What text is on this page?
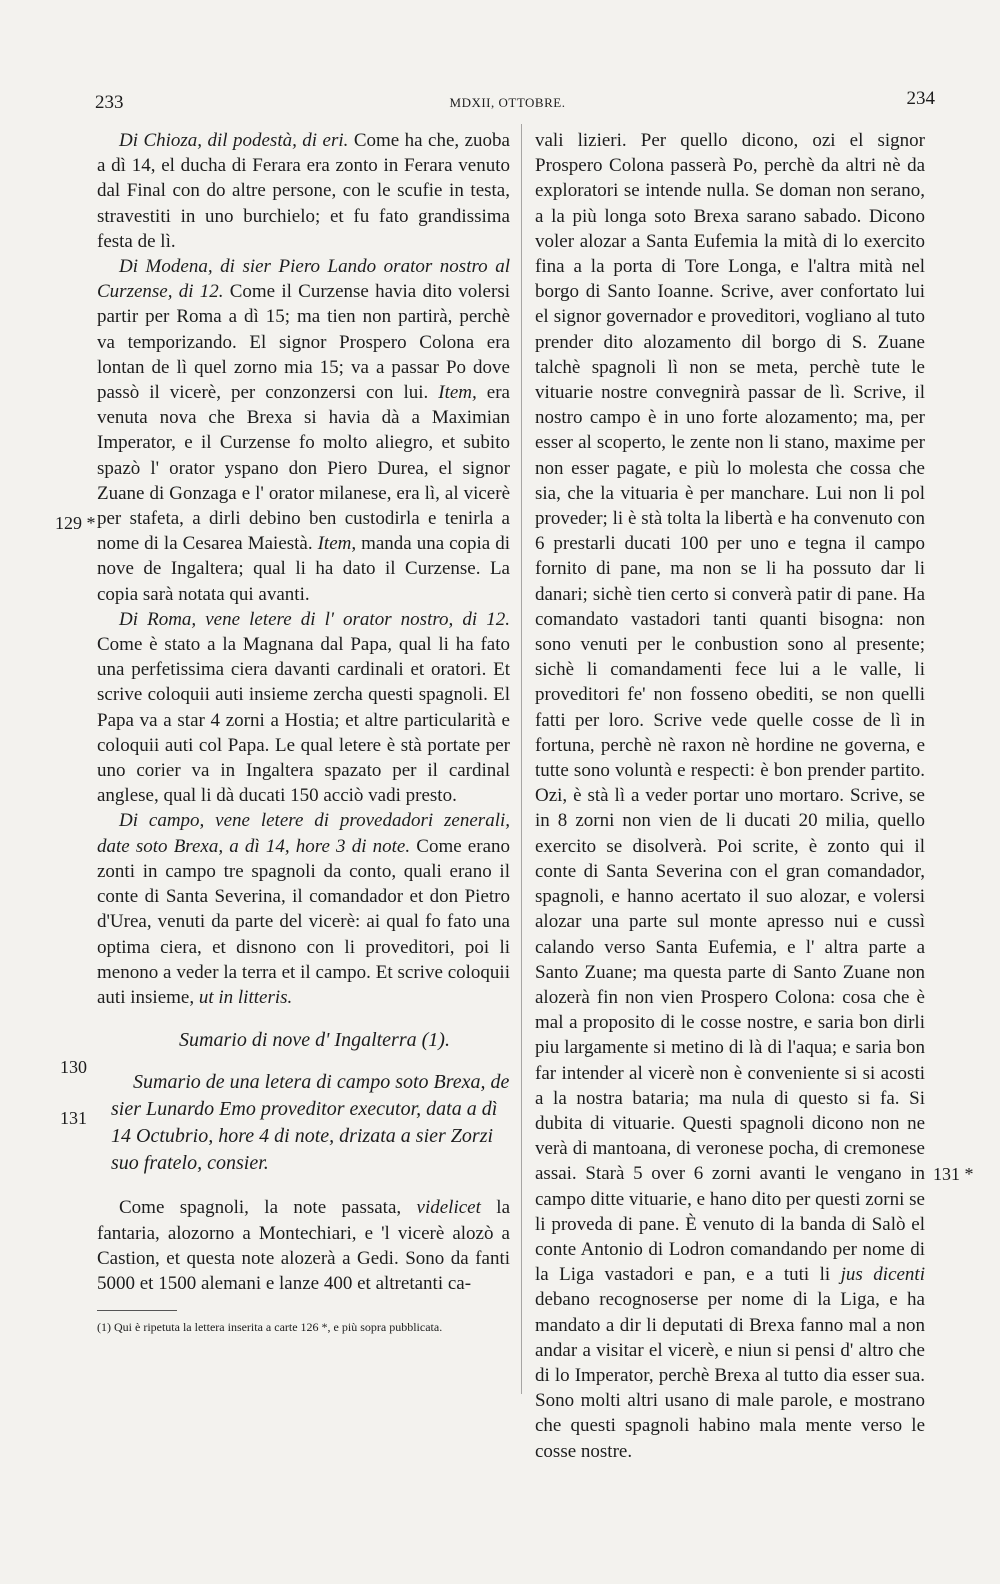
233	MDXII, OTTOBRE.	234
129 *
130
131
131 *

Di Chioza, dil podestà, di eri. Come ha che, zuoba a dì 14, el ducha di Ferara era zonto in Ferara venuto dal Final con do altre persone, con le scufie in testa, stravestiti in uno burchielo; et fu fato grandissima festa de lì.

Di Modena, di sier Piero Lando orator nostro al Curzense, di 12. Come il Curzense havia dito volersi partir per Roma a dì 15; ma tien non partirà, perchè va temporizando. El signor Prospero Colona era lontan de lì quel zorno mia 15; va a passar Po dove passò il vicerè, per conzonzersi con lui. Item, era venuta nova che Brexa si havia dà a Maximian Imperator, e il Curzense fo molto aliegro, et subito spazò l' orator yspano don Piero Durea, el signor Zuane di Gonzaga e l' orator milanese, era lì, al vicerè per stafeta, a dirli debino ben custodirla e tenirla a nome di la Cesarea Maiestà. Item, manda una copia di nove de Ingaltera; qual li ha dato il Curzense. La copia sarà notata qui avanti.

Di Roma, vene letere di l' orator nostro, di 12. Come è stato a la Magnana dal Papa, qual li ha fato una perfetissima ciera davanti cardinali et oratori. Et scrive coloquii auti insieme zercha questi spagnoli. El Papa va a star 4 zorni a Hostia; et altre particularità e coloquii auti col Papa. Le qual letere è stà portate per uno corier va in Ingaltera spazato per il cardinal anglese, qual li dà ducati 150 acciò vadi presto.

Di campo, vene letere di provedadori zenerali, date soto Brexa, a dì 14, hore 3 di note. Come erano zonti in campo tre spagnoli da conto, quali erano il conte di Santa Severina, il comandador et don Pietro d'Urea, venuti da parte del vicerè: ai qual fo fato una optima ciera, et disnono con li proveditori, poi li menono a veder la terra et il campo. Et scrive coloquii auti insieme, ut in litteris.

Sumario di nove d' Ingalterra (1).

Sumario de una letera di campo soto Brexa, de sier Lunardo Emo proveditor executor, data a dì 14 Octubrio, hore 4 di note, drizata a sier Zorzi suo fratelo, consier.

Come spagnoli, la note passata, videlicet la fantaria, alozorno a Montechiari, e 'l vicerè alozò a Castion, et questa note alozerà a Gedi. Sono da fanti 5000 et 1500 alemani e lanze 400 et altretanti ca-

(1) Qui è ripetuta la lettera inserita a carte 126 *, e più sopra pubblicata.

vali lizieri. Per quello dicono, ozi el signor Prospero Colona passerà Po, perchè da altri nè da exploratori se intende nulla. Se doman non serano, a la più longa soto Brexa sarano sabado. Dicono voler alozar a Santa Eufemia la mità di lo exercito fina a la porta di Tore Longa, e l'altra mità nel borgo di Santo Ioanne. Scrive, aver confortato lui el signor governador e proveditori, vogliano al tuto prender dito alozamento dil borgo di S. Zuane talchè spagnoli lì non se meta, perchè tute le vituarie nostre convegnirà passar de lì. Scrive, il nostro campo è in uno forte alozamento; ma, per esser al scoperto, le zente non li stano, maxime per non esser pagate, e più lo molesta che cossa che sia, che la vituaria è per manchare. Lui non li pol proveder; li è stà tolta la libertà e ha convenuto con 6 prestarli ducati 100 per uno e tegna il campo fornito di pane, ma non se li ha possuto dar li danari; sichè tien certo si converà patir di pane. Ha comandato vastadori tanti quanti bisogna: non sono venuti per le conbustion sono al presente; sichè li comandamenti fece lui a le valle, li proveditori fe' non fosseno obediti, se non quelli fatti per loro. Scrive vede quelle cosse de lì in fortuna, perchè nè raxon nè hordine ne governa, e tutte sono voluntà e respecti: è bon prender partito. Ozi, è stà lì a veder portar uno mortaro. Scrive, se in 8 zorni non vien de li ducati 20 milia, quello exercito se disolverà. Poi scrite, è zonto qui il conte di Santa Severina con el gran comandador, spagnoli, e hanno acertato il suo alozar, e volersi alozar una parte sul monte apresso nui e cussì calando verso Santa Eufemia, e l' altra parte a Santo Zuane; ma questa parte di Santo Zuane non alozerà fin non vien Prospero Colona: cosa che è mal a proposito di le cosse nostre, e saria bon dirli piu largamente si metino di là di l'aqua; e saria bon far intender al vicerè non è conveniente si si acosti a la nostra bataria; ma nula di questo si fa. Si dubita di vituarie. Questi spagnoli dicono non ne verà di mantoana, di veronese pocha, di cremonese assai. Starà 5 over 6 zorni avanti le vengano in campo ditte vituarie, e hano dito per questi zorni se li proveda di pane. È venuto di la banda di Salò el conte Antonio di Lodron comandando per nome di la Liga vastadori e pan, e a tuti li jus dicenti debano recognoserse per nome di la Liga, e ha mandato a dir li deputati di Brexa fanno mal a non andar a visitar el vicerè, e niun si pensi d' altro che di lo Imperator, perchè Brexa al tutto dia esser sua. Sono molti altri usano di male parole, e mostrano che questi spagnoli habino mala mente verso le cosse nostre.
